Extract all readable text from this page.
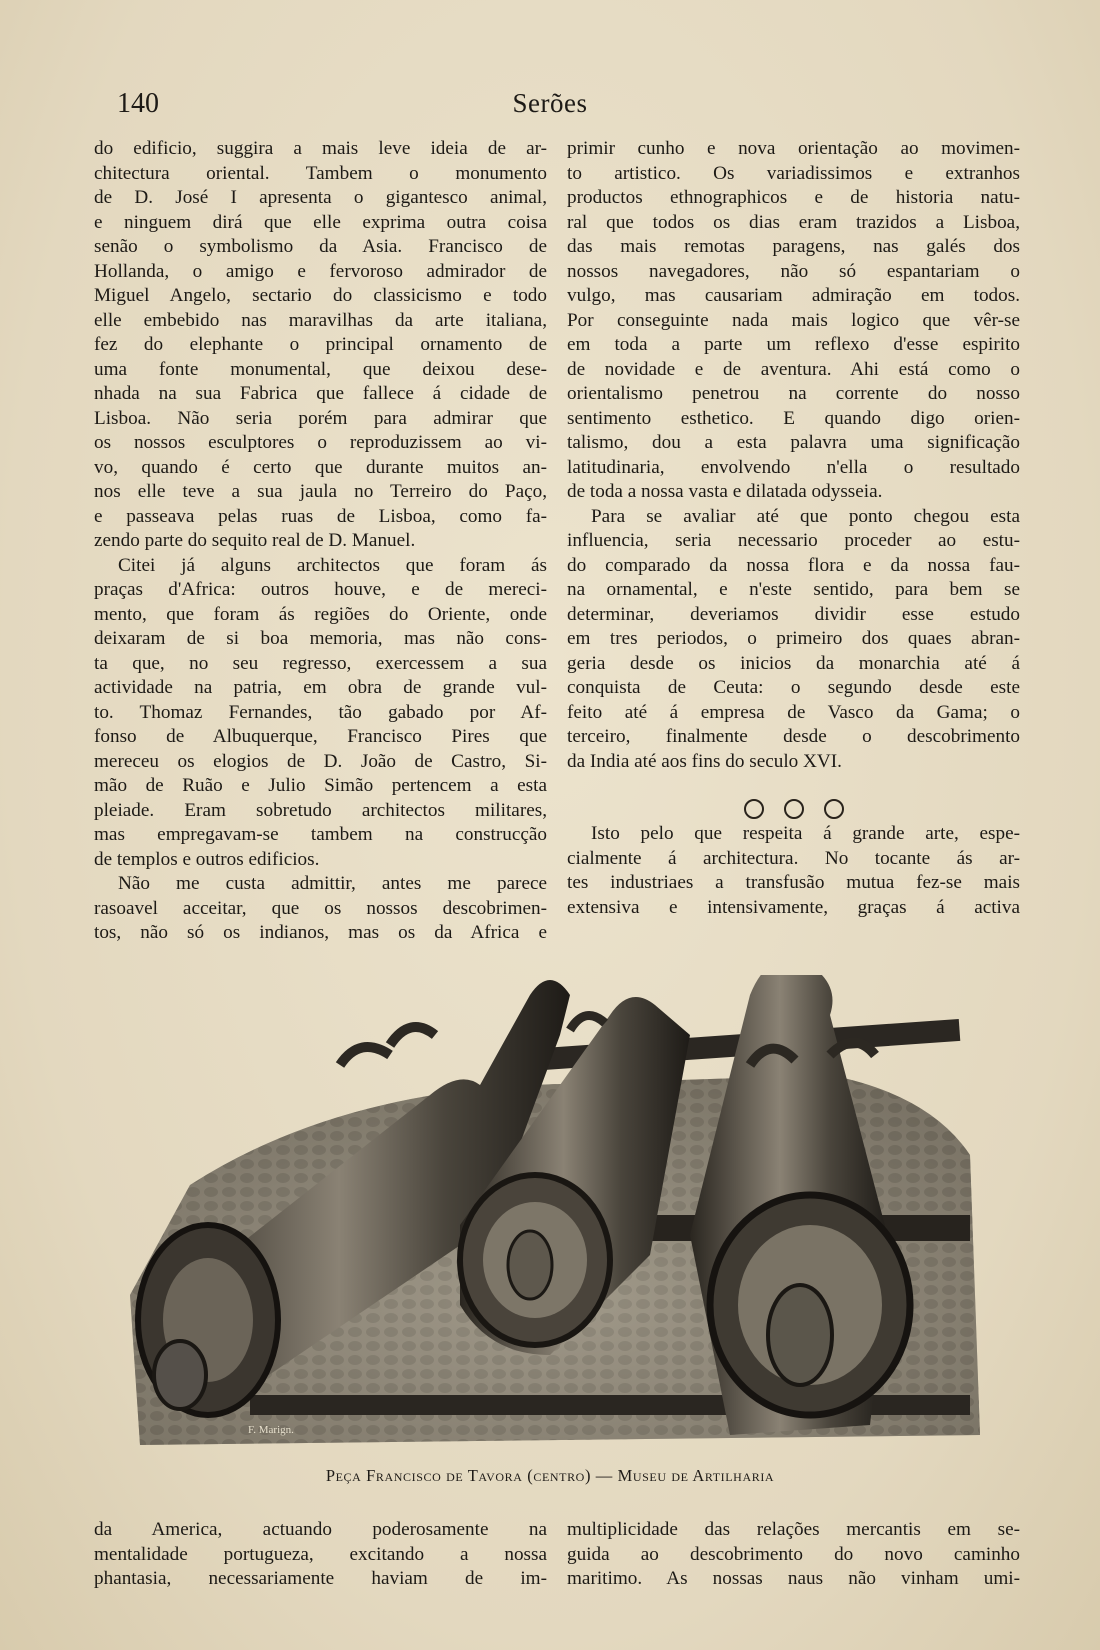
140	Serões
do edificio, suggira a mais leve ideia de ar-
chitectura oriental. Tambem o monumento
de D. José I apresenta o gigantesco animal,
e ninguem dirá que elle exprima outra coisa
senão o symbolismo da Asia. Francisco de
Hollanda, o amigo e fervoroso admirador de
Miguel Angelo, sectario do classicismo e todo
elle embebido nas maravilhas da arte italiana,
fez do elephante o principal ornamento de
uma fonte monumental, que deixou dese-
nhada na sua Fabrica que fallece á cidade de
Lisboa. Não seria porém para admirar que
os nossos esculptores o reproduzissem ao vi-
vo, quando é certo que durante muitos an-
nos elle teve a sua jaula no Terreiro do Paço,
e passeava pelas ruas de Lisboa, como fa-
zendo parte do sequito real de D. Manuel.
Citei já alguns architectos que foram ás
praças d'Africa: outros houve, e de mereci-
mento, que foram ás regiões do Oriente, onde
deixaram de si boa memoria, mas não cons-
ta que, no seu regresso, exercessem a sua
actividade na patria, em obra de grande vul-
to. Thomaz Fernandes, tão gabado por Af-
fonso de Albuquerque, Francisco Pires que
mereceu os elogios de D. João de Castro, Si-
mão de Ruão e Julio Simão pertencem a esta
pleiade. Eram sobretudo architectos militares,
mas empregavam-se tambem na construcção
de templos e outros edificios.
Não me custa admittir, antes me parece
rasoavel acceitar, que os nossos descobrimen-
tos, não só os indianos, mas os da Africa e
primir cunho e nova orientação ao movimen-
to artistico. Os variadissimos e extranhos
productos ethnographicos e de historia natu-
ral que todos os dias eram trazidos a Lisboa,
das mais remotas paragens, nas galés dos
nossos navegadores, não só espantariam o
vulgo, mas causariam admiração em todos.
Por conseguinte nada mais logico que vêr-se
em toda a parte um reflexo d'esse espirito
de novidade e de aventura. Ahi está como o
orientalismo penetrou na corrente do nosso
sentimento esthetico. E quando digo orien-
talismo, dou a esta palavra uma significação
latitudinaria, envolvendo n'ella o resultado
de toda a nossa vasta e dilatada odysseia.
Para se avaliar até que ponto chegou esta
influencia, seria necessario proceder ao estu-
do comparado da nossa flora e da nossa fau-
na ornamental, e n'este sentido, para bem se
determinar, deveriamos dividir esse estudo
em tres periodos, o primeiro dos quaes abran-
geria desde os inicios da monarchia até á
conquista de Ceuta: o segundo desde este
feito até á empresa de Vasco da Gama; o
terceiro, finalmente desde o descobrimento
da India até aos fins do seculo XVI.
Isto pelo que respeita á grande arte, espe-
cialmente á architectura. No tocante ás ar-
tes industriaes a transfusão mutua fez-se mais
extensiva e intensivamente, graças á activa
F. Marign.
Peça Francisco de Tavora (centro) — Museu de Artilharia
da America, actuando poderosamente na
mentalidade portugueza, excitando a nossa
phantasia, necessariamente haviam de im-
multiplicidade das relações mercantis em se-
guida ao descobrimento do novo caminho
maritimo. As nossas naus não vinham umi-
